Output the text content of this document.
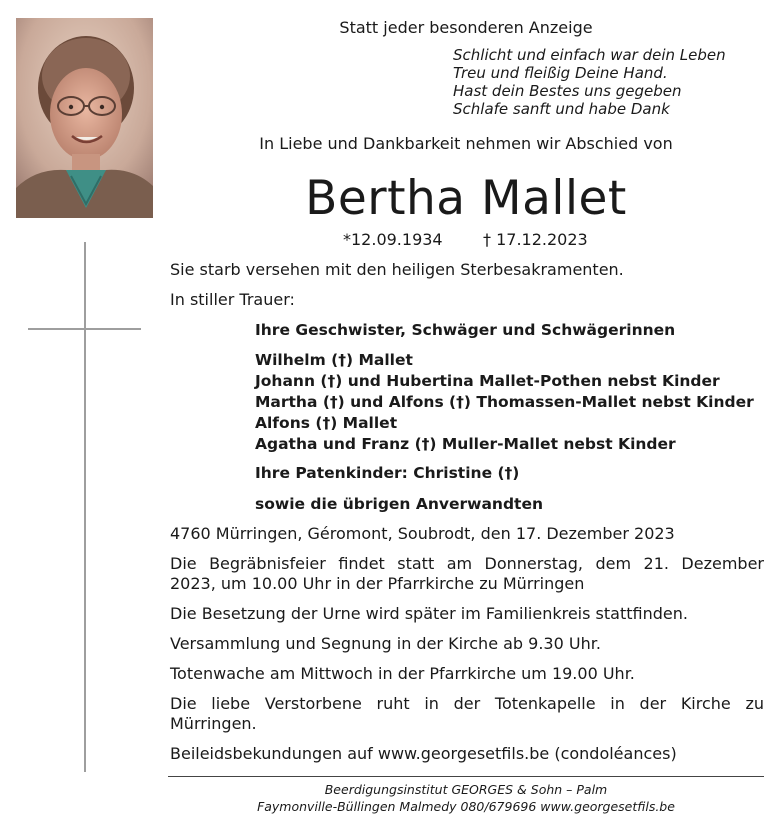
Statt jeder besonderen Anzeige
Schlicht und einfach war dein Leben
Treu und fleißig Deine Hand.
Hast dein Bestes uns gegeben
Schlafe sanft und habe Dank
In Liebe und Dankbarkeit nehmen wir Abschied von
Bertha Mallet
*12.09.1934	† 17.12.2023
Sie starb versehen mit den heiligen Sterbesakramenten.
In stiller Trauer:
Ihre Geschwister, Schwäger und Schwägerinnen
Wilhelm (†) Mallet
Johann (†) und Hubertina Mallet-Pothen nebst Kinder
Martha (†) und Alfons (†) Thomassen-Mallet nebst Kinder
Alfons (†) Mallet
Agatha und Franz (†) Muller-Mallet nebst Kinder
Ihre Patenkinder: Christine (†)
sowie die übrigen Anverwandten
4760 Mürringen, Géromont, Soubrodt, den 17. Dezember 2023
Die Begräbnisfeier findet statt am Donnerstag, dem 21. Dezember
2023, um 10.00 Uhr in der Pfarrkirche zu Mürringen
Die Besetzung der Urne wird später im Familienkreis stattfinden.
Versammlung und Segnung in der Kirche ab 9.30 Uhr.
Totenwache am Mittwoch in der Pfarrkirche um 19.00 Uhr.
Die liebe Verstorbene ruht in der Totenkapelle in der Kirche zu
Mürringen.
Beileidsbekundungen auf www.georgesetfils.be (condoléances)
Beerdigungsinstitut GEORGES & Sohn – Palm
Faymonville-Büllingen Malmedy 080/679696 www.georgesetfils.be
